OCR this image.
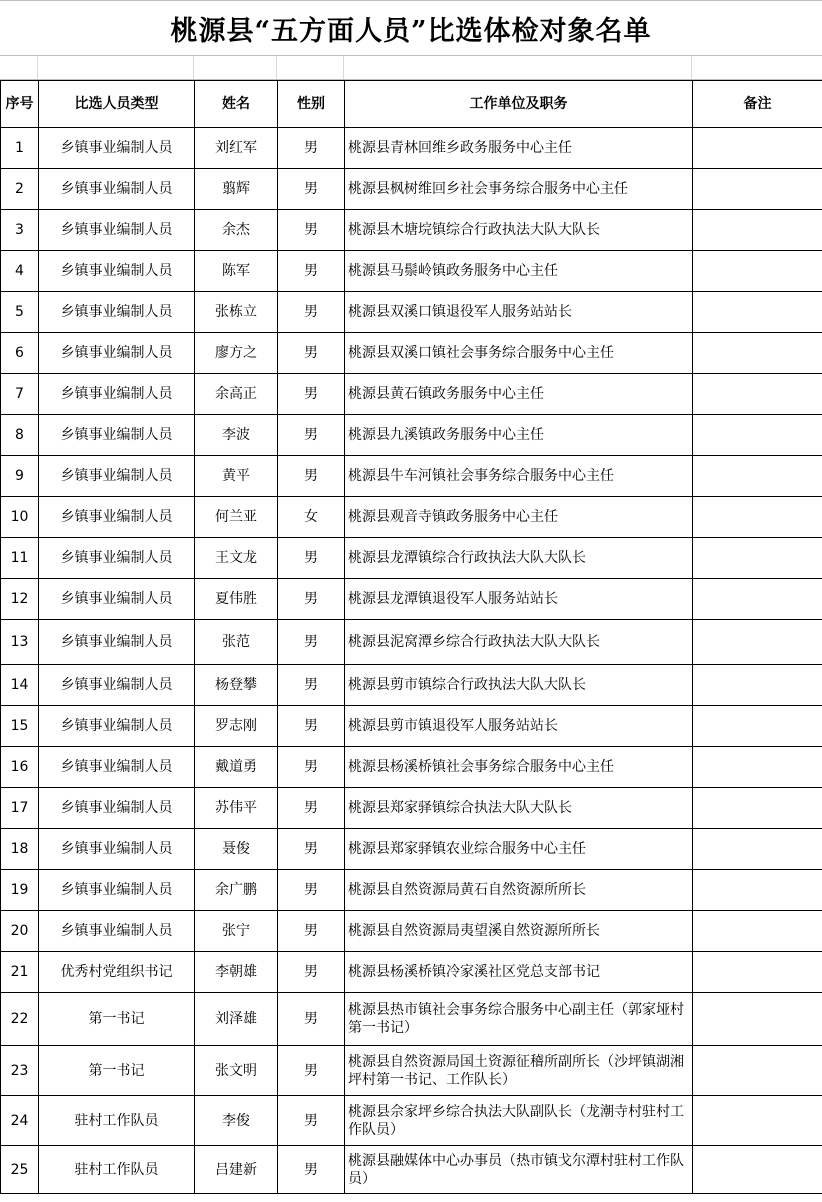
桃源县“五方面人员”比选体检对象名单
序号	比选人员类型	姓名	性别	工作单位及职务	备注
1	乡镇事业编制人员	刘红军	男	桃源县青林回维乡政务服务中心主任	
2	乡镇事业编制人员	翦辉	男	桃源县枫树维回乡社会事务综合服务中心主任	
3	乡镇事业编制人员	余杰	男	桃源县木塘垸镇综合行政执法大队大队长	
4	乡镇事业编制人员	陈军	男	桃源县马鬃岭镇政务服务中心主任	
5	乡镇事业编制人员	张栋立	男	桃源县双溪口镇退役军人服务站站长	
6	乡镇事业编制人员	廖方之	男	桃源县双溪口镇社会事务综合服务中心主任	
7	乡镇事业编制人员	余高正	男	桃源县黄石镇政务服务中心主任	
8	乡镇事业编制人员	李波	男	桃源县九溪镇政务服务中心主任	
9	乡镇事业编制人员	黄平	男	桃源县牛车河镇社会事务综合服务中心主任	
10	乡镇事业编制人员	何兰亚	女	桃源县观音寺镇政务服务中心主任	
11	乡镇事业编制人员	王文龙	男	桃源县龙潭镇综合行政执法大队大队长	
12	乡镇事业编制人员	夏伟胜	男	桃源县龙潭镇退役军人服务站站长	
13	乡镇事业编制人员	张范	男	桃源县泥窝潭乡综合行政执法大队大队长	
14	乡镇事业编制人员	杨登攀	男	桃源县剪市镇综合行政执法大队大队长	
15	乡镇事业编制人员	罗志刚	男	桃源县剪市镇退役军人服务站站长	
16	乡镇事业编制人员	戴道勇	男	桃源县杨溪桥镇社会事务综合服务中心主任	
17	乡镇事业编制人员	苏伟平	男	桃源县郑家驿镇综合执法大队大队长	
18	乡镇事业编制人员	聂俊	男	桃源县郑家驿镇农业综合服务中心主任	
19	乡镇事业编制人员	余广鹏	男	桃源县自然资源局黄石自然资源所所长	
20	乡镇事业编制人员	张宁	男	桃源县自然资源局夷望溪自然资源所所长	
21	优秀村党组织书记	李朝雄	男	桃源县杨溪桥镇冷家溪社区党总支部书记	
22	第一书记	刘泽雄	男	桃源县热市镇社会事务综合服务中心副主任（郭家垭村第一书记）	
23	第一书记	张文明	男	桃源县自然资源局国土资源征稽所副所长（沙坪镇湖湘坪村第一书记、工作队长）	
24	驻村工作队员	李俊	男	桃源县佘家坪乡综合执法大队副队长（龙潮寺村驻村工作队员）	
25	驻村工作队员	吕建新	男	桃源县融媒体中心办事员（热市镇戈尔潭村驻村工作队员）	
